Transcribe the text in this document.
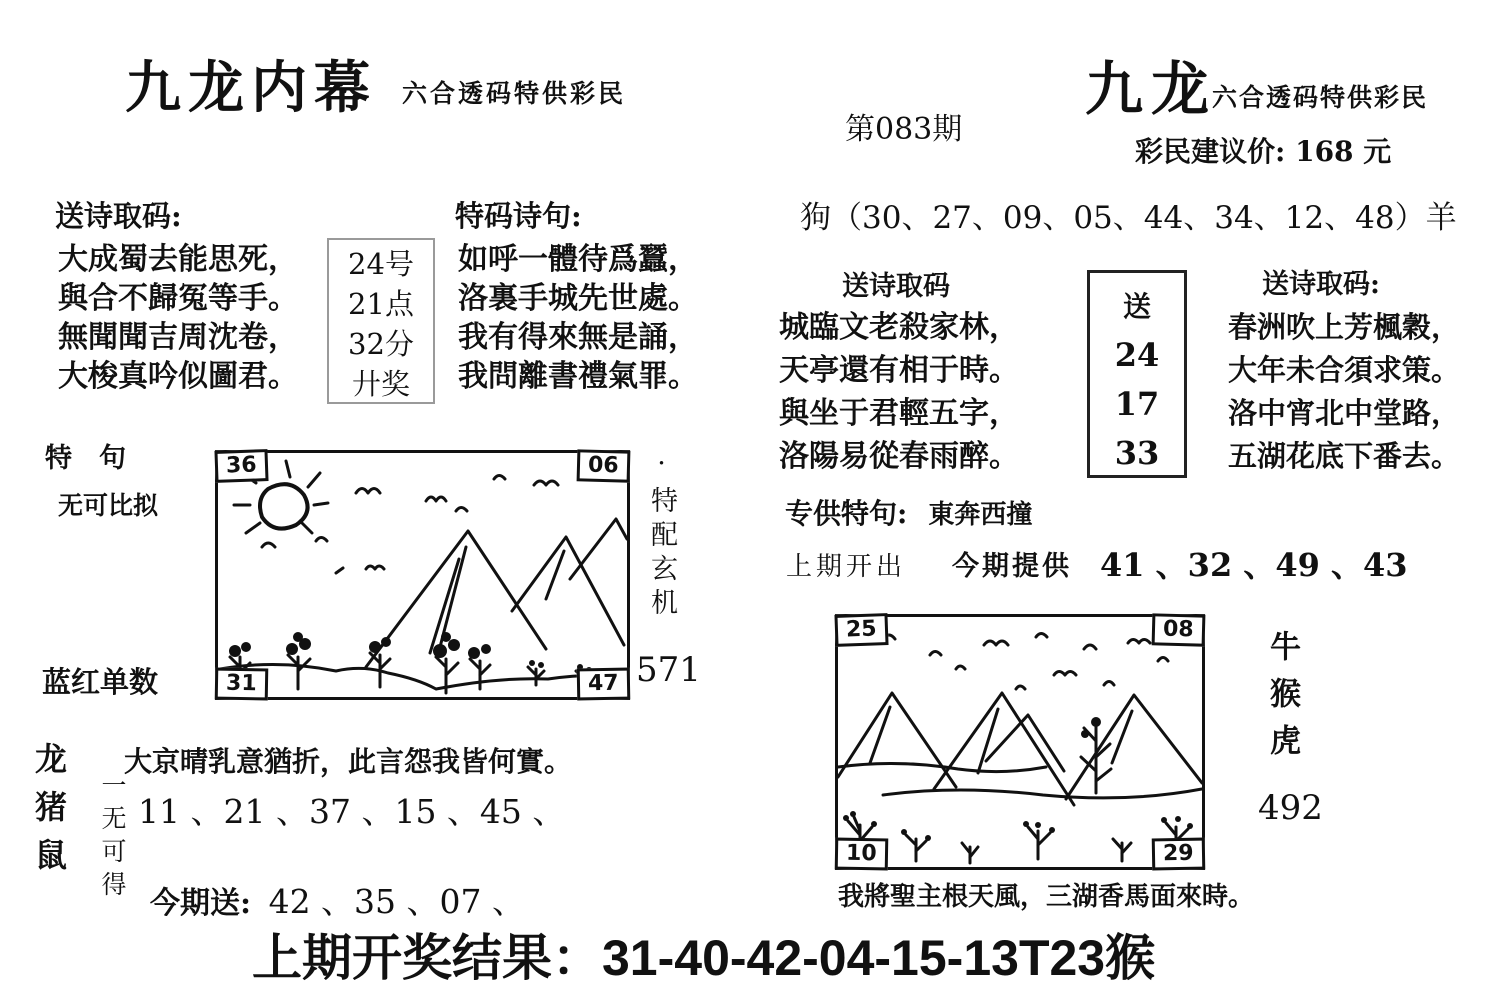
九龙内幕 六合透码特供彩民
送诗取码:	特码诗句:
大成蜀去能思死，
與合不歸冤等手。
無聞聞吉周沈卷，
大梭真吟似圖君。
24号
21点
32分
廾奖
如呼一體待爲蠶，
洛裏手城先世處。
我有得來無是誦，
我問離書禮氣罪。
特　句
无可比拟
蓝红单数
36	06
31	47
·特配玄机
571
龙猪鼠 一无可得
大京晴乳意猶折，此言怨我皆何實。
11 、21 、37 、15 、45 、
今期送: 42 、35 、07 、
第083期
九龙
六合透码特供彩民
彩民建议价: 168 元
狗（30、27、09、05、44、34、12、48）羊
送诗取码
城臨文老殺家林，
天亭還有相于時。
與坐于君輕五字，
洛陽易從春雨醉。
送
24
17
33
送诗取码:
春洲吹上芳楓穀，
大年未合須求策。
洛中宵北中堂路，
五湖花底下番去。
专供特句: 東奔西撞
上期开出 今期提供 41 、32 、49 、43
25	08
10	29
牛猴虎
492
我將聖主根天風，三湖香馬面來時。
上期开奖结果：31-40-42-04-15-13T23猴
